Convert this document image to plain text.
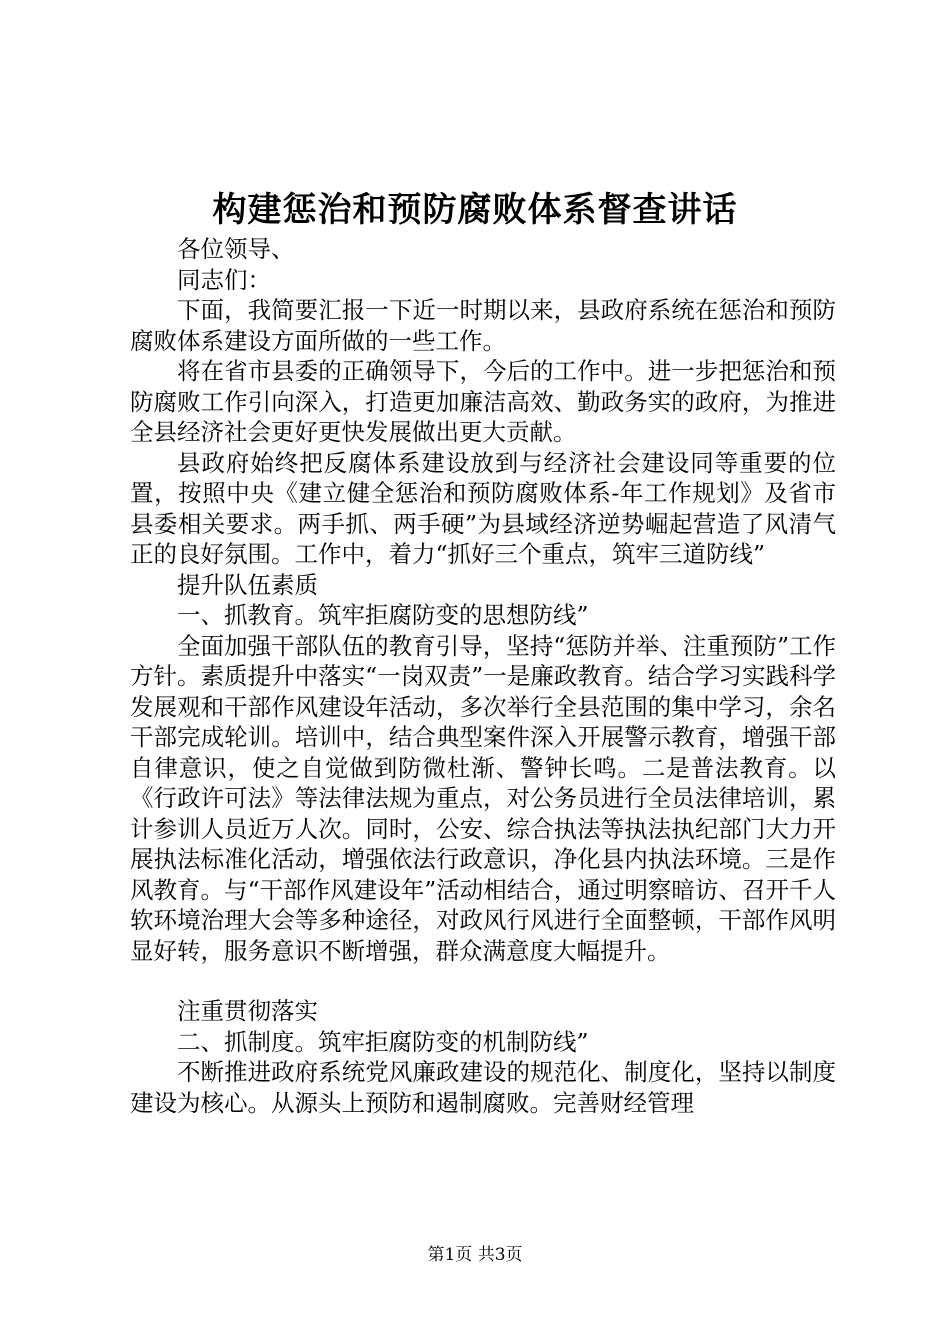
构建惩治和预防腐败体系督查讲话

各位领导、

同志们：

下面，我简要汇报一下近一时期以来，县政府系统在惩治和预防腐败体系建设方面所做的一些工作。

将在省市县委的正确领导下，今后的工作中。进一步把惩治和预防腐败工作引向深入，打造更加廉洁高效、勤政务实的政府，为推进全县经济社会更好更快发展做出更大贡献。

县政府始终把反腐体系建设放到与经济社会建设同等重要的位置，按照中央《建立健全惩治和预防腐败体系-年工作规划》及省市县委相关要求。两手抓、两手硬”为县域经济逆势崛起营造了风清气正的良好氛围。工作中，着力“抓好三个重点，筑牢三道防线”

提升队伍素质

一、抓教育。筑牢拒腐防变的思想防线”

全面加强干部队伍的教育引导，坚持“惩防并举、注重预防”工作方针。素质提升中落实“一岗双责”一是廉政教育。结合学习实践科学发展观和干部作风建设年活动，多次举行全县范围的集中学习，余名干部完成轮训。培训中，结合典型案件深入开展警示教育，增强干部自律意识，使之自觉做到防微杜渐、警钟长鸣。二是普法教育。以《行政许可法》等法律法规为重点，对公务员进行全员法律培训，累计参训人员近万人次。同时，公安、综合执法等执法执纪部门大力开展执法标准化活动，增强依法行政意识，净化县内执法环境。三是作风教育。与“干部作风建设年”活动相结合，通过明察暗访、召开千人软环境治理大会等多种途径，对政风行风进行全面整顿，干部作风明显好转，服务意识不断增强，群众满意度大幅提升。

注重贯彻落实

二、抓制度。筑牢拒腐防变的机制防线”

不断推进政府系统党风廉政建设的规范化、制度化，坚持以制度建设为核心。从源头上预防和遏制腐败。完善财经管理

第1页 共3页
